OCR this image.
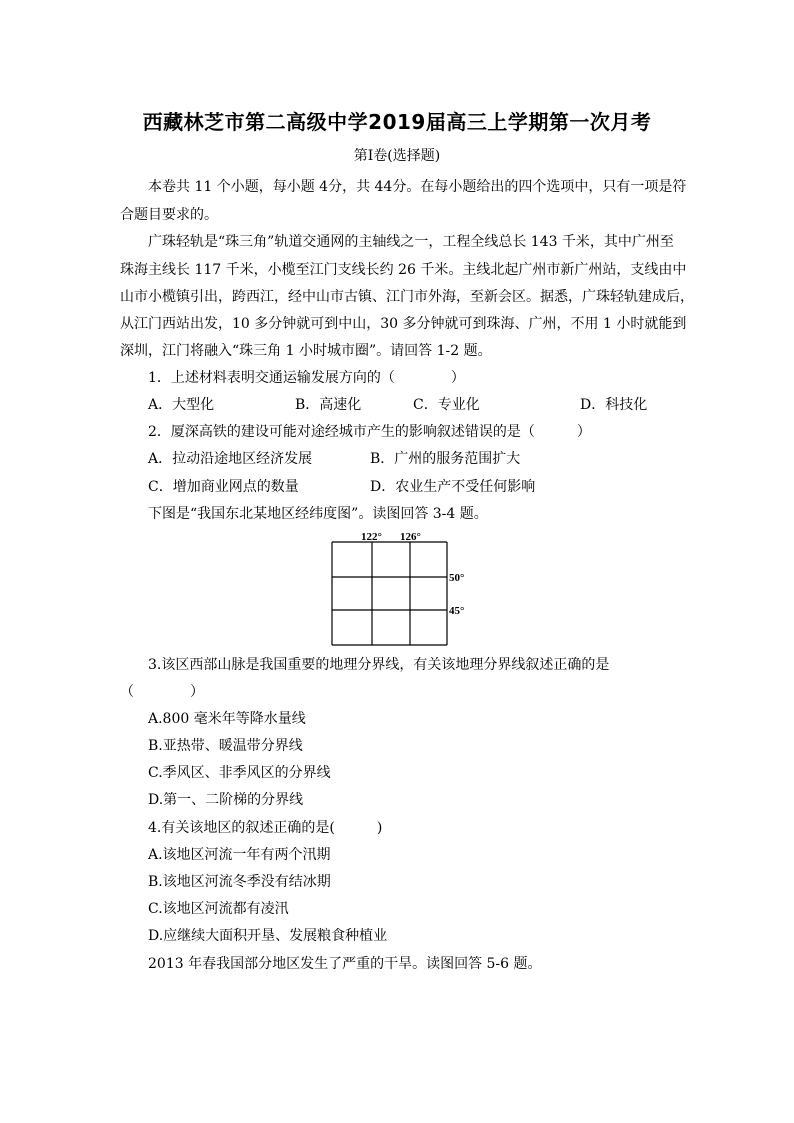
西藏林芝市第二高级中学2019届高三上学期第一次月考
第Ⅰ卷(选择题)
本卷共 11 个小题，每小题 4分，共 44分。在每小题给出的四个选项中，只有一项是符
合题目要求的。
广珠轻轨是“珠三角”轨道交通网的主轴线之一，工程全线总长 143 千米，其中广州至
珠海主线长 117 千米，小榄至江门支线长约 26 千米。主线北起广州市新广州站，支线由中
山市小榄镇引出，跨西江，经中山市古镇、江门市外海，至新会区。据悉，广珠轻轨建成后，
从江门西站出发，10 多分钟就可到中山，30 多分钟就可到珠海、广州，不用 1 小时就能到
深圳，江门将融入“珠三角 1 小时城市圈”。请回答 1-2 题。
1．上述材料表明交通运输发展方向的（　　　　）
A．大型化	B．高速化	C．专业化	D．科技化
2．厦深高铁的建设可能对途经城市产生的影响叙述错误的是（　　　）
A．拉动沿途地区经济发展	B．广州的服务范围扩大
C．增加商业网点的数量	D．农业生产不受任何影响
下图是“我国东北某地区经纬度图”。读图回答 3-4 题。
122° 126°
50°
45°
3.该区西部山脉是我国重要的地理分界线，有关该地理分界线叙述正确的是
（　　　　）
A.800 毫米年等降水量线
B.亚热带、暖温带分界线
C.季风区、非季风区的分界线
D.第一、二阶梯的分界线
4.有关该地区的叙述正确的是(　　　)
A.该地区河流一年有两个汛期
B.该地区河流冬季没有结冰期
C.该地区河流都有凌汛
D.应继续大面积开垦、发展粮食种植业
2013 年春我国部分地区发生了严重的干旱。读图回答 5-6 题。
